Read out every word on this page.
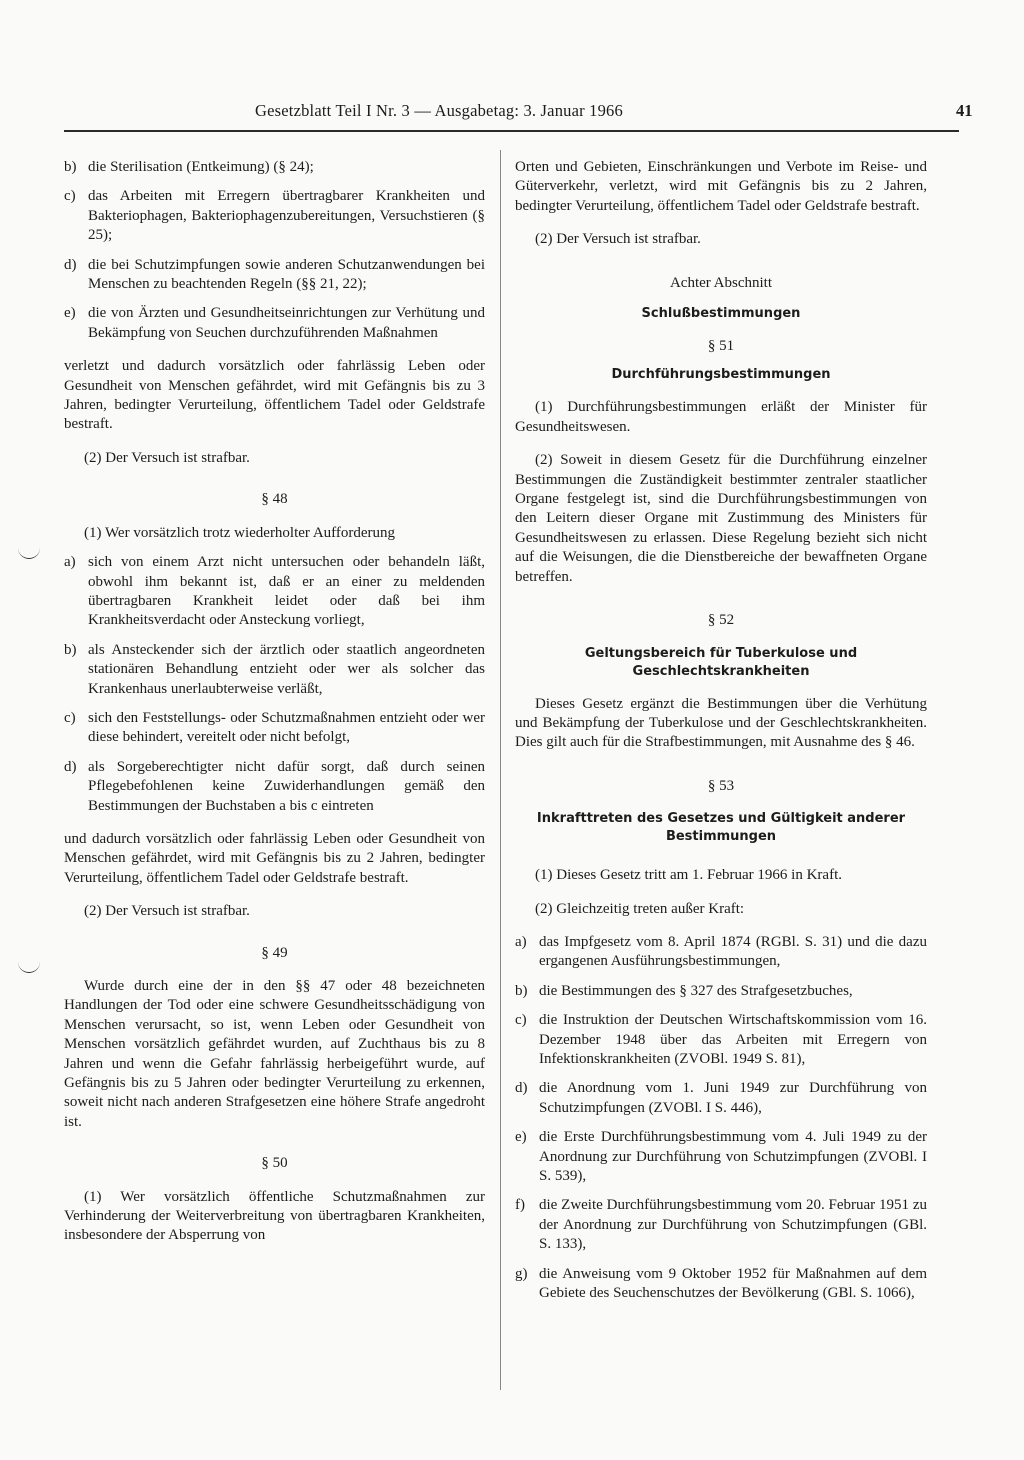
Gesetzblatt Teil I Nr. 3 — Ausgabetag: 3. Januar 1966	41
b) die Sterilisation (Entkeimung) (§ 24);
c) das Arbeiten mit Erregern übertragbarer Krankheiten und Bakteriophagen, Bakteriophagenzubereitungen, Versuchstieren (§ 25);
d) die bei Schutzimpfungen sowie anderen Schutzanwendungen bei Menschen zu beachtenden Regeln (§§ 21, 22);
e) die von Ärzten und Gesundheitseinrichtungen zur Verhütung und Bekämpfung von Seuchen durchzuführenden Maßnahmen

verletzt und dadurch vorsätzlich oder fahrlässig Leben oder Gesundheit von Menschen gefährdet, wird mit Gefängnis bis zu 3 Jahren, bedingter Verurteilung, öffentlichem Tadel oder Geldstrafe bestraft.

(2) Der Versuch ist strafbar.

§ 48

(1) Wer vorsätzlich trotz wiederholter Aufforderung

a) sich von einem Arzt nicht untersuchen oder behandeln läßt, obwohl ihm bekannt ist, daß er an einer zu meldenden übertragbaren Krankheit leidet oder daß bei ihm Krankheitsverdacht oder Ansteckung vorliegt,
b) als Ansteckender sich der ärztlich oder staatlich angeordneten stationären Behandlung entzieht oder wer als solcher das Krankenhaus unerlaubterweise verläßt,
c) sich den Feststellungs- oder Schutzmaßnahmen entzieht oder wer diese behindert, vereitelt oder nicht befolgt,
d) als Sorgeberechtigter nicht dafür sorgt, daß durch seinen Pflegebefohlenen keine Zuwiderhandlungen gemäß den Bestimmungen der Buchstaben a bis c eintreten

und dadurch vorsätzlich oder fahrlässig Leben oder Gesundheit von Menschen gefährdet, wird mit Gefängnis bis zu 2 Jahren, bedingter Verurteilung, öffentlichem Tadel oder Geldstrafe bestraft.

(2) Der Versuch ist strafbar.

§ 49

Wurde durch eine der in den §§ 47 oder 48 bezeichneten Handlungen der Tod oder eine schwere Gesundheitsschädigung von Menschen verursacht, so ist, wenn Leben oder Gesundheit von Menschen vorsätzlich gefährdet wurden, auf Zuchthaus bis zu 8 Jahren und wenn die Gefahr fahrlässig herbeigeführt wurde, auf Gefängnis bis zu 5 Jahren oder bedingter Verurteilung zu erkennen, soweit nicht nach anderen Strafgesetzen eine höhere Strafe angedroht ist.

§ 50

(1) Wer vorsätzlich öffentliche Schutzmaßnahmen zur Verhinderung der Weiterverbreitung von übertragbaren Krankheiten, insbesondere der Absperrung von

Orten und Gebieten, Einschränkungen und Verbote im Reise- und Güterverkehr, verletzt, wird mit Gefängnis bis zu 2 Jahren, bedingter Verurteilung, öffentlichem Tadel oder Geldstrafe bestraft.

(2) Der Versuch ist strafbar.

Achter Abschnitt
Schlußbestimmungen
§ 51
Durchführungsbestimmungen

(1) Durchführungsbestimmungen erläßt der Minister für Gesundheitswesen.

(2) Soweit in diesem Gesetz für die Durchführung einzelner Bestimmungen die Zuständigkeit bestimmter zentraler staatlicher Organe festgelegt ist, sind die Durchführungsbestimmungen von den Leitern dieser Organe mit Zustimmung des Ministers für Gesundheitswesen zu erlassen. Diese Regelung bezieht sich nicht auf die Weisungen, die die Dienstbereiche der bewaffneten Organe betreffen.

§ 52
Geltungsbereich für Tuberkulose und Geschlechtskrankheiten

Dieses Gesetz ergänzt die Bestimmungen über die Verhütung und Bekämpfung der Tuberkulose und der Geschlechtskrankheiten. Dies gilt auch für die Strafbestimmungen, mit Ausnahme des § 46.

§ 53
Inkrafttreten des Gesetzes und Gültigkeit anderer Bestimmungen

(1) Dieses Gesetz tritt am 1. Februar 1966 in Kraft.

(2) Gleichzeitig treten außer Kraft:

a) das Impfgesetz vom 8. April 1874 (RGBl. S. 31) und die dazu ergangenen Ausführungsbestimmungen,
b) die Bestimmungen des § 327 des Strafgesetzbuches,
c) die Instruktion der Deutschen Wirtschaftskommission vom 16. Dezember 1948 über das Arbeiten mit Erregern von Infektionskrankheiten (ZVOBl. 1949 S. 81),
d) die Anordnung vom 1. Juni 1949 zur Durchführung von Schutzimpfungen (ZVOBl. I S. 446),
e) die Erste Durchführungsbestimmung vom 4. Juli 1949 zu der Anordnung zur Durchführung von Schutzimpfungen (ZVOBl. I S. 539),
f) die Zweite Durchführungsbestimmung vom 20. Februar 1951 zu der Anordnung zur Durchführung von Schutzimpfungen (GBl. S. 133),
g) die Anweisung vom 9 Oktober 1952 für Maßnahmen auf dem Gebiete des Seuchenschutzes der Bevölkerung (GBl. S. 1066),
